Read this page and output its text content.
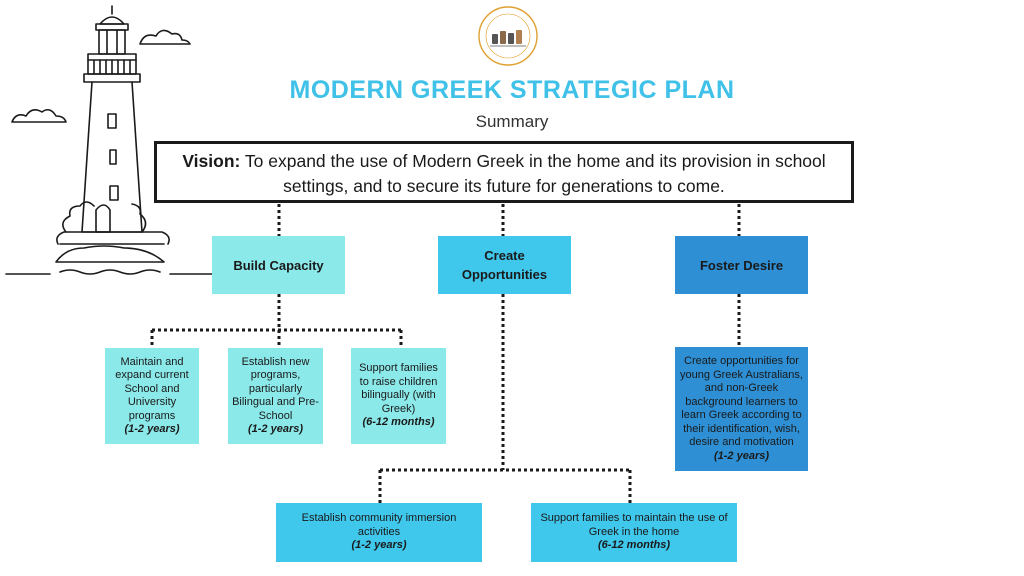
MODERN GREEK STRATEGIC PLAN
Summary
Vision: To expand the use of Modern Greek in the home and its provision in school settings, and to secure its future for generations to come.
Build Capacity
Create Opportunities
Foster Desire
Maintain and expand current School and University programs
(1-2 years)
Establish new programs, particularly Bilingual and Pre-School
(1-2 years)
Support families to raise children bilingually (with Greek)
(6-12 months)
Create opportunities for young Greek Australians, and non-Greek background learners to learn Greek according to their identification, wish, desire and motivation
(1-2 years)
Establish community immersion activities
(1-2 years)
Support families to maintain the use of Greek in the home
(6-12 months)
